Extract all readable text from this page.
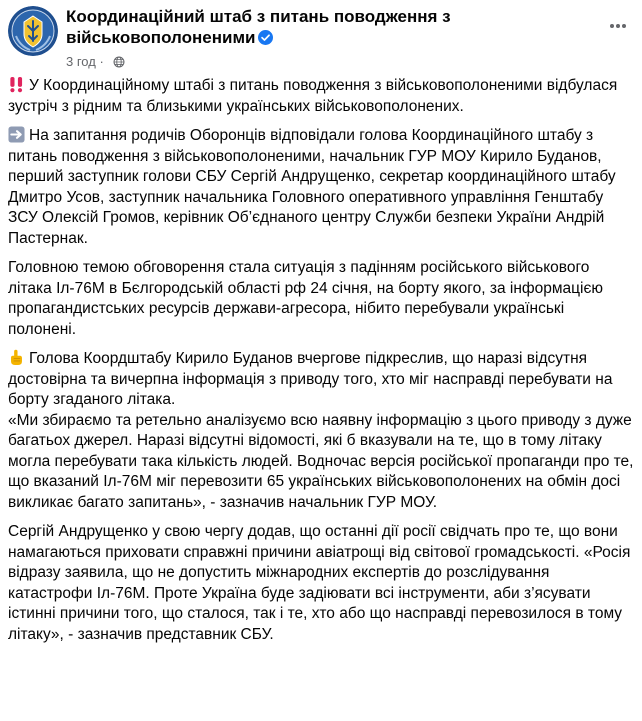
Координаційний штаб з питань поводження з військовополоненими
3 год ·

У Координаційному штабі з питань поводження з військовополоненими відбулася зустріч з рідним та близькими українських військовополонених.

На запитання родичів Оборонців відповідали голова Координаційного штабу з питань поводження з військовополоненими, начальник ГУР МОУ Кирило Буданов, перший заступник голови СБУ Сергій Андрущенко, секретар координаційного штабу Дмитро Усов, заступник начальника Головного оперативного управління Генштабу ЗСУ Олексій Громов, керівник Об’єднаного центру Служби безпеки України Андрій Пастернак.

Головною темою обговорення стала ситуація з падінням російського військового літака Іл-76М в Бєлгородській області рф 24 січня, на борту якого, за інформацією пропагандистських ресурсів держави-агресора, нібито перебували українські полонені.

Голова Коордштабу Кирило Буданов вчергове підкреслив, що наразі відсутня достовірна та вичерпна інформація з приводу того, хто міг насправді перебувати на борту згаданого літака.
«Ми збираємо та ретельно аналізуємо всю наявну інформацію з цього приводу з дуже багатьох джерел. Наразі відсутні відомості, які б вказували на те, що в тому літаку могла перебувати така кількість людей. Водночас версія російської пропаганди про те, що вказаний Іл-76М міг перевозити 65 українських військовополонених на обмін досі викликає багато запитань», - зазначив начальник ГУР МОУ.

Сергій Андрущенко у свою чергу додав, що останні дії росії свідчать про те, що вони намагаються приховати справжні причини авіатрощі від світової громадськості. «Росія відразу заявила, що не допустить міжнародних експертів до розслідування катастрофи Іл-76М. Проте Україна буде задіювати всі інструменти, аби з’ясувати істинні причини того, що сталося, так і те, хто або що насправді перевозилося в тому літаку», - зазначив представник СБУ.
